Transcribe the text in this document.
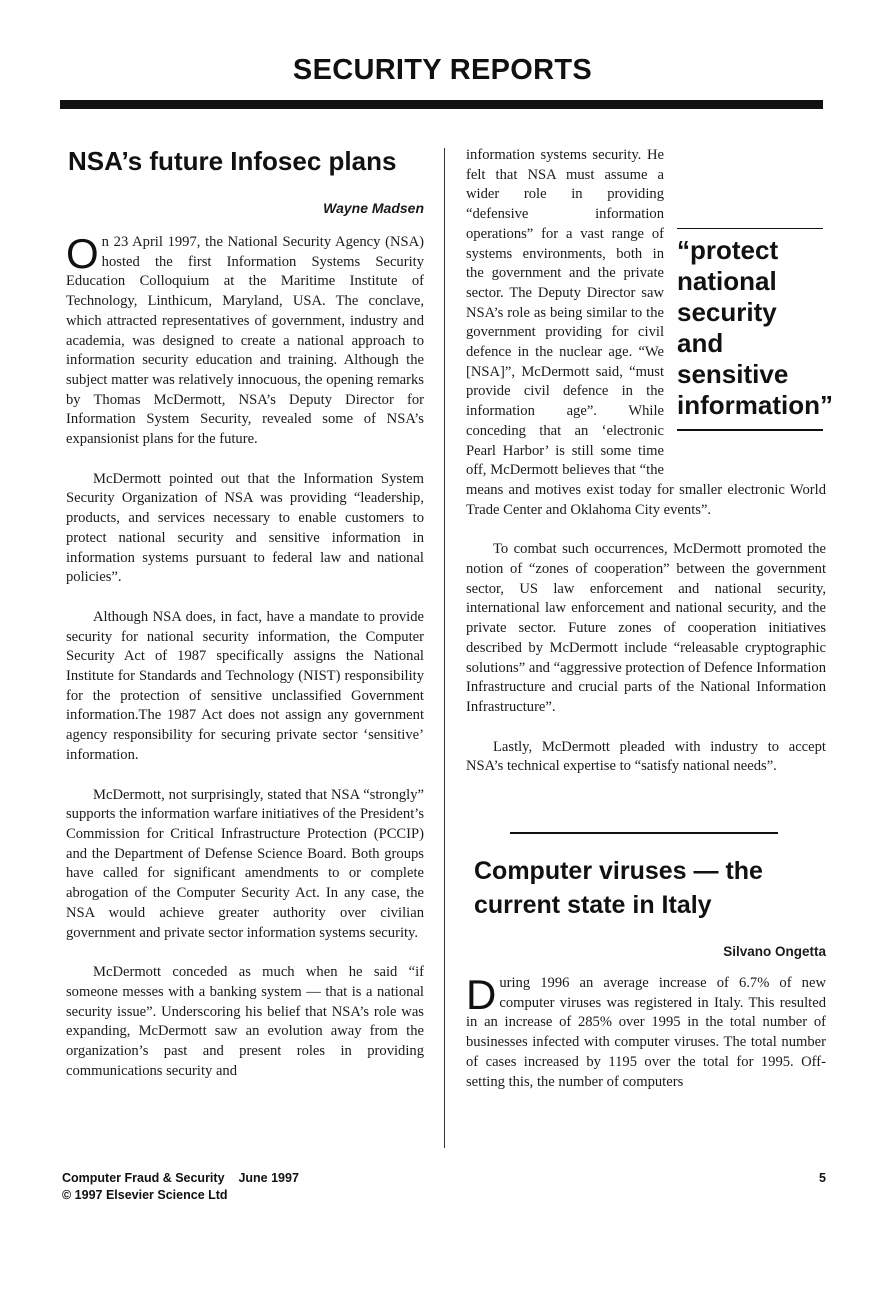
SECURITY REPORTS
NSA’s future Infosec plans
Wayne Madsen

On 23 April 1997, the National Security Agency (NSA) hosted the first Information Systems Security Education Colloquium at the Maritime Institute of Technology, Linthicum, Maryland, USA. The conclave, which attracted representatives of government, industry and academia, was designed to create a national approach to information security education and training. Although the subject matter was relatively innocuous, the opening remarks by Thomas McDermott, NSA’s Deputy Director for Information System Security, revealed some of NSA’s expansionist plans for the future.

McDermott pointed out that the Information System Security Organization of NSA was providing “leadership, products, and services necessary to enable customers to protect national security and sensitive information in information systems pursuant to federal law and national policies”.

Although NSA does, in fact, have a mandate to provide security for national security information, the Computer Security Act of 1987 specifically assigns the National Institute for Standards and Technology (NIST) responsibility for the protection of sensitive unclassified Government information.The 1987 Act does not assign any government agency responsibility for securing private sector ‘sensitive’ information.

McDermott, not surprisingly, stated that NSA “strongly” supports the information warfare initiatives of the President’s Commission for Critical Infrastructure Protection (PCCIP) and the Department of Defense Science Board. Both groups have called for significant amendments to or complete abrogation of the Computer Security Act. In any case, the NSA would achieve greater authority over civilian government and private sector information systems security.

McDermott conceded as much when he said “if someone messes with a banking system — that is a national security issue”. Underscoring his belief that NSA’s role was expanding, McDermott saw an evolution away from the organization’s past and present roles in providing communications security and

information systems security. He felt that NSA must assume a wider role in providing “defensive information operations” for a vast range of systems environments, both in the government and the private sector. The Deputy Director saw NSA’s role as being similar to the government providing for civil defence in the nuclear age. “We [NSA]”, McDermott said, “must provide civil defence in the information age”. While conceding that an ‘electronic Pearl Harbor’ is still some time off, McDermott believes that “the means and motives exist today for smaller electronic World Trade Center and Oklahoma City events”.

To combat such occurrences, McDermott promoted the notion of “zones of cooperation” between the government sector, US law enforcement and national security, international law enforcement and national security, and the private sector. Future zones of cooperation initiatives described by McDermott include “releasable cryptographic solutions” and “aggressive protection of Defence Information Infrastructure and crucial parts of the National Information Infrastructure”.

Lastly, McDermott pleaded with industry to accept NSA’s technical expertise to “satisfy national needs”.

“protect national security and sensitive information”
Computer viruses — the current state in Italy
Silvano Ongetta

During 1996 an average increase of 6.7% of new computer viruses was registered in Italy. This resulted in an increase of 285% over 1995 in the total number of businesses infected with computer viruses. The total number of cases increased by 1195 over the total for 1995. Off-setting this, the number of computers

Computer Fraud & Security June 1997
© 1997 Elsevier Science Ltd
5
